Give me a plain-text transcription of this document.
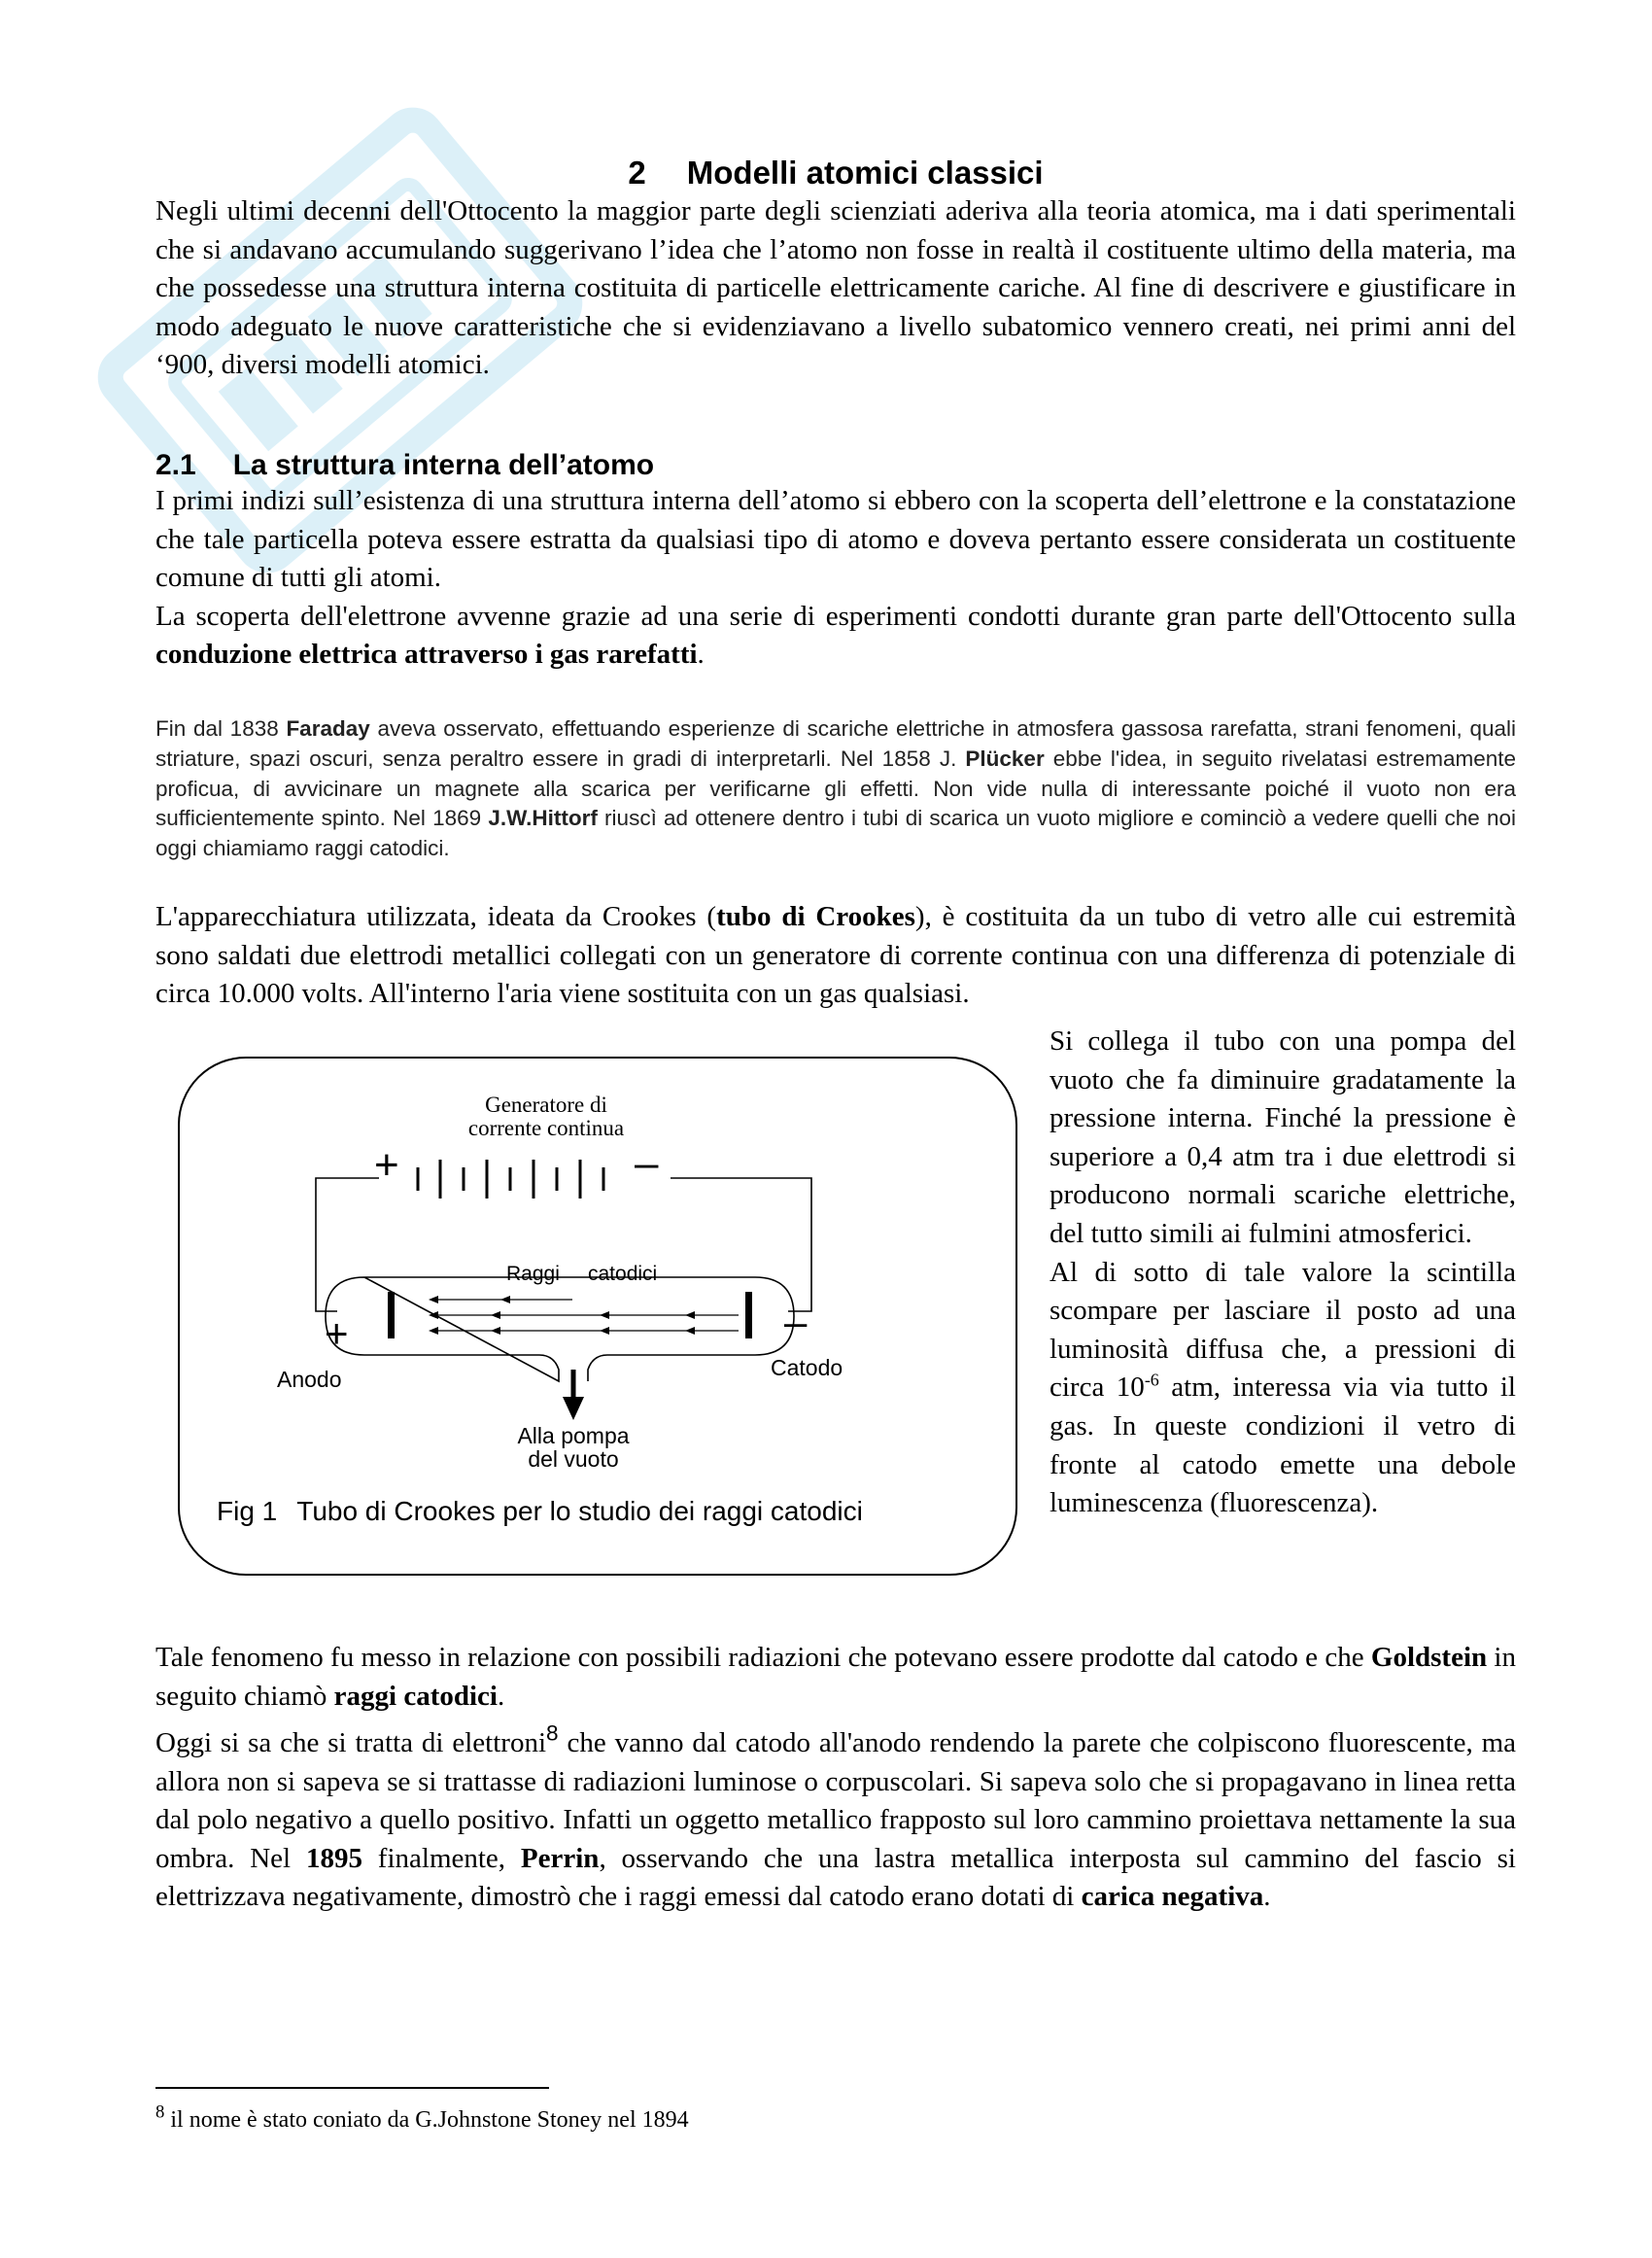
2 Modelli atomici classici
Negli ultimi decenni dell'Ottocento la maggior parte degli scienziati aderiva alla teoria atomica, ma i dati sperimentali che si andavano accumulando suggerivano l’idea che l’atomo non fosse in realtà il costituente ultimo della materia, ma che possedesse una struttura interna costituita di particelle elettricamente cariche. Al fine di descrivere e giustificare in modo adeguato le nuove caratteristiche che si evidenziavano a livello subatomico vennero creati, nei primi anni del ‘900, diversi modelli atomici.
2.1 La struttura interna dell’atomo
I primi indizi sull’esistenza di una struttura interna dell’atomo si ebbero con la scoperta dell’elettrone e la constatazione che tale particella poteva essere estratta da qualsiasi tipo di atomo e doveva pertanto essere considerata un costituente comune di tutti gli atomi.
La scoperta dell'elettrone avvenne grazie ad una serie di esperimenti condotti durante gran parte dell'Ottocento sulla conduzione elettrica attraverso i gas rarefatti.
Fin dal 1838 Faraday aveva osservato, effettuando esperienze di scariche elettriche in atmosfera gassosa rarefatta, strani fenomeni, quali striature, spazi oscuri, senza peraltro essere in gradi di interpretarli. Nel 1858 J. Plücker ebbe l'idea, in seguito rivelatasi estremamente proficua, di avvicinare un magnete alla scarica per verificarne gli effetti. Non vide nulla di interessante poiché il vuoto non era sufficientemente spinto. Nel 1869 J.W.Hittorf riuscì ad ottenere dentro i tubi di scarica un vuoto migliore e cominciò a vedere quelli che noi oggi chiamiamo raggi catodici.
L'apparecchiatura utilizzata, ideata da Crookes (tubo di Crookes), è costituita da un tubo di vetro alle cui estremità sono saldati due elettrodi metallici collegati con un generatore di corrente continua con una differenza di potenziale di circa 10.000 volts. All'interno l'aria viene sostituita con un gas qualsiasi.
Si collega il tubo con una pompa del vuoto che fa diminuire gradatamente la pressione interna. Finché la pressione è superiore a 0,4 atm tra i due elettrodi si producono normali scariche elettriche, del tutto simili ai fulmini atmosferici.
Al di sotto di tale valore la scintilla scompare per lasciare il posto ad una luminosità diffusa che, a pressioni di circa $10^{-6}$ atm, interessa via via tutto il gas. In queste condizioni il vetro di fronte al catodo emette una debole luminescenza (fluorescenza).
Generatore di
corrente continua
+	–
Raggi catodici
+	–
Anodo	Catodo
Alla pompa
del vuoto
Fig 1 Tubo di Crookes per lo studio dei raggi catodici
Tale fenomeno fu messo in relazione con possibili radiazioni che potevano essere prodotte dal catodo e che Goldstein in seguito chiamò raggi catodici.
Oggi si sa che si tratta di elettroni$^8$ che vanno dal catodo all'anodo rendendo la parete che colpiscono fluorescente, ma allora non si sapeva se si trattasse di radiazioni luminose o corpuscolari. Si sapeva solo che si propagavano in linea retta dal polo negativo a quello positivo. Infatti un oggetto metallico frapposto sul loro cammino proiettava nettamente la sua ombra. Nel 1895 finalmente, Perrin, osservando che una lastra metallica interposta sul cammino del fascio si elettrizzava negativamente, dimostrò che i raggi emessi dal catodo erano dotati di carica negativa.
$^8$ il nome è stato coniato da G.Johnstone Stoney nel 1894
